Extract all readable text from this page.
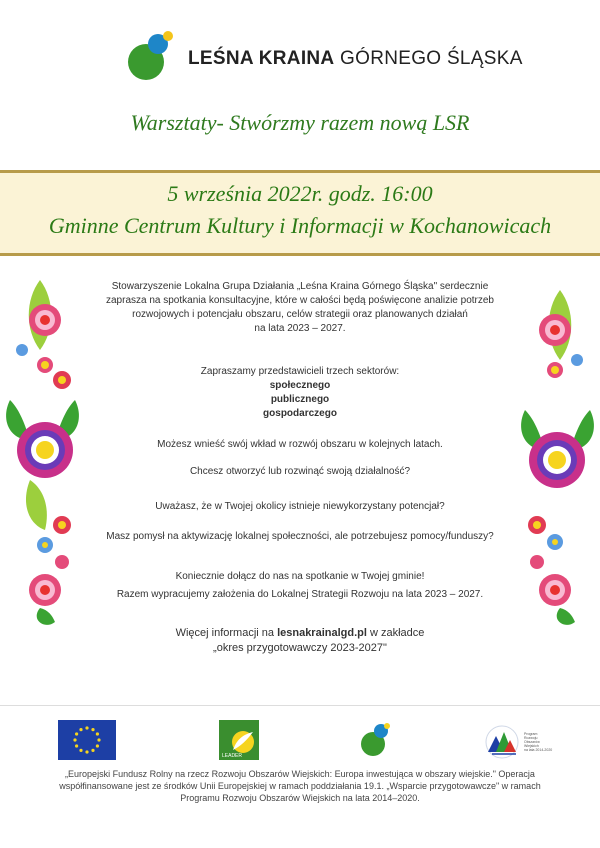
LEŚNA KRAINA GÓRNEGO ŚLĄSKA
Warsztaty- Stwórzmy razem nową LSR
5 września 2022r. godz. 16:00
Gminne Centrum Kultury i Informacji w Kochanowicach
Stowarzyszenie Lokalna Grupa Działania „Leśna Kraina Górnego Śląska" serdecznie
zaprasza na spotkania konsultacyjne, które w całości będą poświęcone analizie potrzeb
rozwojowych i potencjału obszaru, celów strategii oraz planowanych działań
na lata 2023 – 2027.
Zapraszamy przedstawicieli trzech sektorów:
społecznego
publicznego
gospodarczego
Możesz wnieść swój wkład w rozwój obszaru w kolejnych latach.
Chcesz otworzyć lub rozwinąć swoją działalność?
Uważasz, że w Twojej okolicy istnieje niewykorzystany potencjał?
Masz pomysł na aktywizację lokalnej społeczności, ale potrzebujesz pomocy/funduszy?
Koniecznie dołącz do nas na spotkanie w Twojej gminie!
Razem wypracujemy założenia do Lokalnej Strategii Rozwoju na lata 2023 – 2027.
Więcej informacji na lesnakrainalgd.pl w zakładce
„okres przygotowawczy 2023-2027"
LEADER
Program
Rozwoju
Obszarów
Wiejskich
na lata 2014-2020
„Europejski Fundusz Rolny na rzecz Rozwoju Obszarów Wiejskich: Europa inwestująca w obszary wiejskie." Operacja
współfinansowane jest ze środków Unii Europejskiej w ramach poddziałania 19.1. „Wsparcie przygotowawcze" w ramach
Programu Rozwoju Obszarów Wiejskich na lata 2014–2020.
